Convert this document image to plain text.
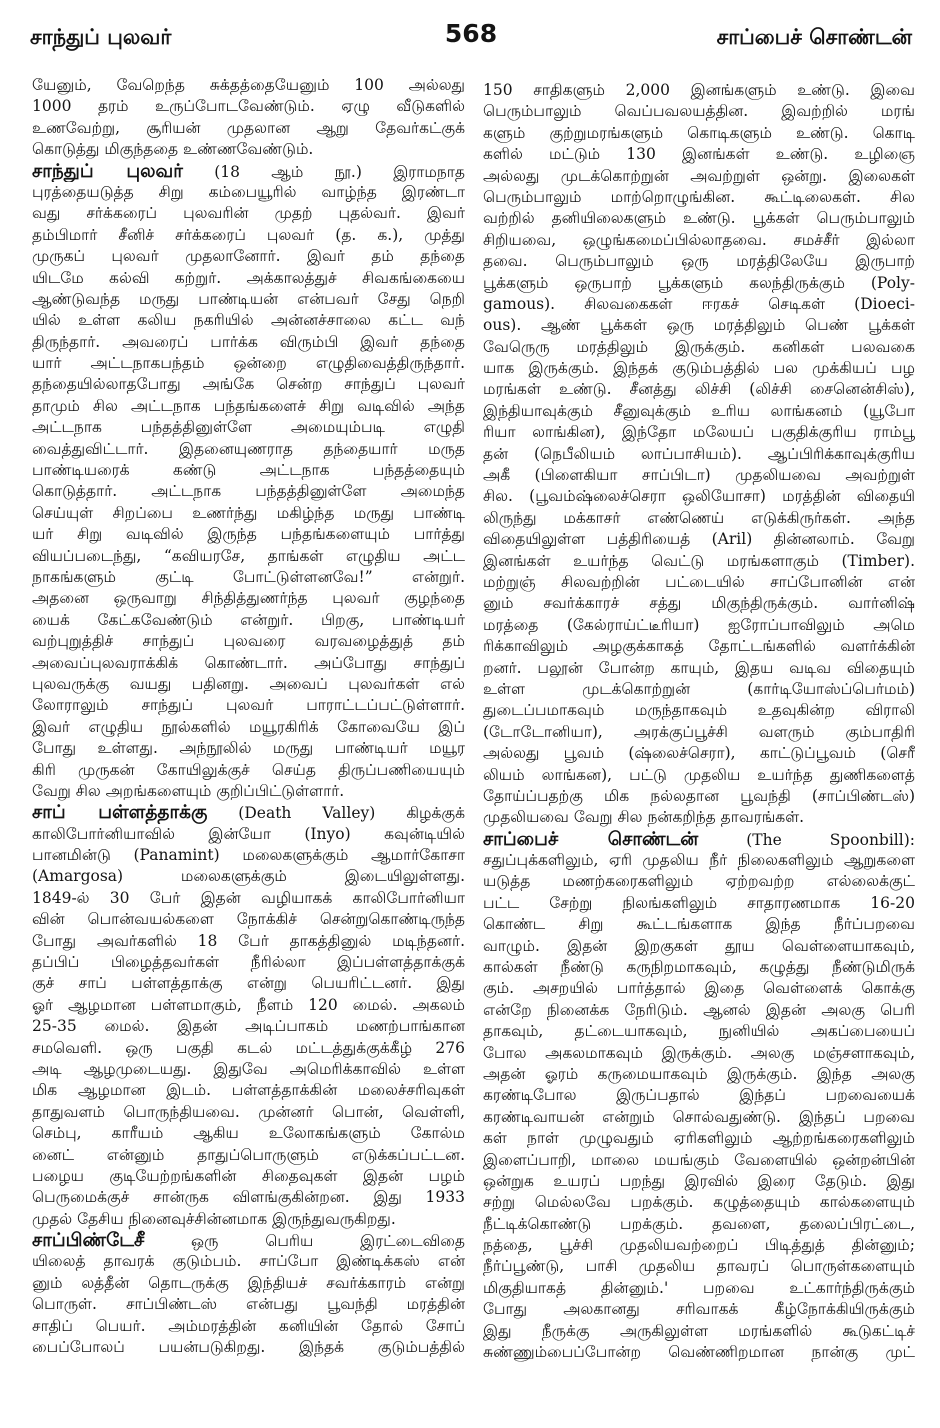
சாந்துப் புலவர்	568	சாப்பைச் சொண்டன்
யேனும், வேறெந்த சுக்தத்தையேனும் 100 அல்லது
1000 தரம் உருப்போடவேண்டும். ஏழு வீடுகளில்
உணவேற்று, சூரியன் முதலான ஆறு தேவர்கட்குக்
கொடுத்து மிகுந்ததை உண்ணவேண்டும்.
சாந்துப் புலவர் (18 ஆம் நூ.) இராமநாத
புரத்தையடுத்த சிறு கம்பையூரில் வாழ்ந்த இரண்டா
வது சர்க்கரைப் புலவரின் முதற் புதல்வர். இவர்
தம்பிமார் சீனிச் சர்க்கரைப் புலவர் (த. க.), முத்து
முருகப் புலவர் முதலானோர். இவர் தம் தந்தை
யிடமே கல்வி கற்றுர். அக்காலத்துச் சிவகங்கையை
ஆண்டுவந்த மருது பாண்டியன் என்பவர் சேது நெறி
யில் உள்ள கலிய நகரியில் அன்னச்சாலை கட்ட வந்
திருந்தார். அவரைப் பார்க்க விரும்பி இவர் தந்தை
யார் அட்டநாகபந்தம் ஒன்றை எழுதிவைத்திருந்தார்.
தந்தையில்லாதபோது அங்கே சென்ற சாந்துப் புலவர்
தாமும் சில அட்டநாக பந்தங்களைச் சிறு வடிவில் அந்த
அட்டநாக பந்தத்தினுள்ளே அமையும்படி எழுதி
வைத்துவிட்டார். இதனையுணராத தந்தையார் மருத
பாண்டியரைக் கண்டு அட்டநாக பந்தத்தையும்
கொடுத்தார். அட்டநாக பந்தத்தினுள்ளே அமைந்த
செய்யுள் சிறப்பை உணர்ந்து மகிழ்ந்த மருது பாண்டி
யர் சிறு வடிவில் இருந்த பந்தங்களையும் பார்த்து
வியப்படைந்து, “கவியரசே, தாங்கள் எழுதிய அட்ட
நாகங்களும் குட்டி போட்டுள்ளனவே!” என்றுர்.
அதனை ஒருவாறு சிந்தித்துணர்ந்த புலவர் குழந்தை
யைக் கேட்கவேண்டும் என்றுர். பிறகு, பாண்டியர்
வற்புறுத்திச் சாந்துப் புலவரை வரவழைத்துத் தம்
அவைப்புலவராக்கிக் கொண்டார். அப்போது சாந்துப்
புலவருக்கு வயது பதினறு. அவைப் புலவர்கள் எல்
லோராலும் சாந்துப் புலவர் பாராட்டப்பட்டுள்ளார்.
இவர் எழுதிய நூல்களில் மயூரகிரிக் கோவையே இப்
போது உள்ளது. அந்நூலில் மருது பாண்டியர் மயூர
கிரி முருகன் கோயிலுக்குச் செய்த திருப்பணியையும்
வேறு சில அறங்களையும் குறிப்பிட்டுள்ளார்.
சாப் பள்ளத்தாக்கு (Death Valley) கிழக்குக்
காலிபோர்னியாவில் இன்யோ (Inyo) கவுன்டியில்
பானமின்டு (Panamint) மலைகளுக்கும் ஆமார்கோசா
(Amargosa) மலைகளுக்கும் இடையிலுள்ளது.
1849-ல் 30 பேர் இதன் வழியாகக் காலிபோர்னியா
வின் பொன்வயல்களை நோக்கிச் சென்றுகொண்டிருந்த
போது அவர்களில் 18 பேர் தாகத்தினுல் மடிந்தனர்.
தப்பிப் பிழைத்தவர்கள் நீரில்லா இப்பள்ளத்தாக்குக்
குச் சாப் பள்ளத்தாக்கு என்று பெயரிட்டனர். இது
ஓர் ஆழமான பள்ளமாகும், நீளம் 120 மைல். அகலம்
25-35 மைல். இதன் அடிப்பாகம் மணற்பாங்கான
சமவெளி. ஒரு பகுதி கடல் மட்டத்துக்குக்கீழ் 276
அடி ஆழமுடையது. இதுவே அமெரிக்காவில் உள்ள
மிக ஆழமான இடம். பள்ளத்தாக்கின் மலைச்சரிவுகள்
தாதுவளம் பொருந்தியவை. முன்னர் பொன், வெள்ளி,
செம்பு, காரீயம் ஆகிய உலோகங்களும் கோல்ம
னைட் என்னும் தாதுப்பொருளும் எடுக்கப்பட்டன.
பழைய குடியேற்றங்களின் சிதைவுகள் இதன் பழம்
பெருமைக்குச் சான்ருக விளங்குகின்றன. இது 1933
முதல் தேசிய நினைவுச்சின்னமாக இருந்துவருகிறது.
சாப்பிண்டேசீ ஒரு பெரிய இரட்டைவிதை
யிலைத் தாவரக் குடும்பம். சாப்போ இண்டிக்கஸ் என்
னும் லத்தீன் தொடருக்கு இந்தியச் சவர்க்காரம் என்று
பொருள். சாப்பிண்டஸ் என்பது பூவந்தி மரத்தின்
சாதிப் பெயர். அம்மரத்தின் கனியின் தோல் சோப்
பைப்போலப் பயன்படுகிறது. இந்தக் குடும்பத்தில்
150 சாதிகளும் 2,000 இனங்களும் உண்டு. இவை
பெரும்பாலும் வெப்பவலயத்தின. இவற்றில் மரங்
களும் குற்றுமரங்களும் கொடிகளும் உண்டு. கொடி
களில் மட்டும் 130 இனங்கள் உண்டு. உழிஞை
அல்லது முடக்கொற்றுன் அவற்றுள் ஒன்று. இலைகள்
பெரும்பாலும் மாற்றொழுங்கின. கூட்டிலைகள். சில
வற்றில் தனியிலைகளும் உண்டு. பூக்கள் பெரும்பாலும்
சிறியவை, ஒழுங்கமைப்பில்லாதவை. சமச்சீர் இல்லா
தவை. பெரும்பாலும் ஒரு மரத்திலேயே இருபாற்
பூக்களும் ஒருபாற் பூக்களும் கலந்திருக்கும் (Poly-
gamous). சிலவகைகள் ஈரகச் செடிகள் (Dioeci-
ous). ஆண் பூக்கள் ஒரு மரத்திலும் பெண் பூக்கள்
வேருெரு மரத்திலும் இருக்கும். கனிகள் பலவகை
யாக இருக்கும். இந்தக் குடும்பத்தில் பல முக்கியப் பழ
மரங்கள் உண்டு. சீனத்து லிச்சி (லிச்சி சைனென்சிஸ்),
இந்தியாவுக்கும் சீனுவுக்கும் உரிய லாங்கனம் (யூபோ
ரியா லாங்கின), இந்தோ மலேயப் பகுதிக்குரிய ராம்பூ
தன் (நெபீலியம் லாப்பாசியம்). ஆப்பிரிக்காவுக்குரிய
அகீ (பிளைகியா சாப்பிடா) முதலியவை அவற்றுள்
சில. (பூவம்ஷ்லைச்செரா ஒலியோசா) மரத்தின் விதையி
லிருந்து மக்காசர் எண்ணெய் எடுக்கிருர்கள். அந்த
விதையிலுள்ள பத்திரியைத் (Aril) தின்னலாம். வேறு
இனங்கள் உயர்ந்த வெட்டு மரங்களாகும் (Timber).
மற்றுஞ் சிலவற்றின் பட்டையில் சாப்போனின் என்
னும் சவர்க்காரச் சத்து மிகுந்திருக்கும். வார்னிஷ்
மரத்தை (கேல்ராய்ட்டீரியா) ஐரோப்பாவிலும் அமெ
ரிக்காவிலும் அழகுக்காகத் தோட்டங்களில் வளர்க்கின்
றனர். பலூன் போன்ற காயும், இதய வடிவ விதையும்
உள்ள முடக்கொற்றுன் (கார்டியோஸ்ப்பெர்மம்)
துடைப்பமாகவும் மருந்தாகவும் உதவுகின்ற விராலி
(டோடோனியா), அரக்குப்பூச்சி வளரும் கும்பாதிரி
அல்லது பூவம் (ஷ்லைச்செரா), காட்டுப்பூவம் (செரீ
லியம் லாங்கன), பட்டு முதலிய உயர்ந்த துணிகளைத்
தோய்ப்பதற்கு மிக நல்லதான பூவந்தி (சாப்பிண்டஸ்)
முதலியவை வேறு சில நன்கறிந்த தாவரங்கள்.
சாப்பைச் சொண்டன் (The Spoonbill):
சதுப்புக்களிலும், ஏரி முதலிய நீர் நிலைகளிலும் ஆறுகளை
யடுத்த மணற்கரைகளிலும் ஏற்றவற்ற எல்லைக்குட்
பட்ட சேற்று நிலங்களிலும் சாதாரணமாக 16-20
கொண்ட சிறு கூட்டங்களாக இந்த நீர்ப்பறவை
வாழும். இதன் இறகுகள் தூய வெள்ளையாகவும்,
கால்கள் நீண்டு கருநிறமாகவும், கழுத்து நீண்டுமிருக்
கும். அசறயில் பார்த்தால் இதை வெள்ளைக் கொக்கு
என்றே நினைக்க நேரிடும். ஆனல் இதன் அலகு பெரி
தாகவும், தட்டையாகவும், நுனியில் அகப்பையைப்
போல அகலமாகவும் இருக்கும். அலகு மஞ்சளாகவும்,
அதன் ஓரம் கருமையாகவும் இருக்கும். இந்த அலகு
கரண்டிபோல இருப்பதால் இந்தப் பறவையைக்
கரண்டிவாயன் என்றும் சொல்வதுண்டு. இந்தப் பறவை
கள் நாள் முழுவதும் ஏரிகளிலும் ஆற்றங்கரைகளிலும்
இளைப்பாறி, மாலை மயங்கும் வேளையில் ஒன்றன்பின்
ஒன்றுக உயரப் பறந்து இரவில் இரை தேடும். இது
சற்று மெல்லவே பறக்கும். கழுத்தையும் கால்களையும்
நீட்டிக்கொண்டு பறக்கும். தவளை, தலைப்பிரட்டை,
நத்தை, பூச்சி முதலியவற்றைப் பிடித்துத் தின்னும்;
நீர்ப்பூண்டு, பாசி முதலிய தாவரப் பொருள்களையும்
மிகுதியாகத் தின்னும்.' பறவை உட்கார்ந்திருக்கும்
போது அலகானது சரிவாகக் கீழ்நோக்கியிருக்கும்
இது நீருக்கு அருகிலுள்ள மரங்களில் கூடுகட்டிச்
சுண்ணும்பைப்போன்ற வெண்ணிறமான நான்கு முட்
